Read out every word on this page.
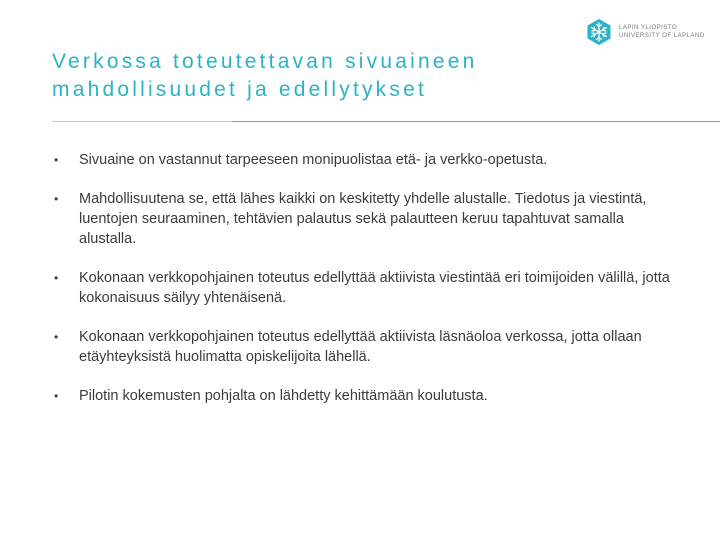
LAPIN YLIOPISTO
UNIVERSITY OF LAPLAND
Verkossa toteutettavan sivuaineen
mahdollisuudet ja edellytykset
• Sivuaine on vastannut tarpeeseen monipuolistaa etä- ja verkko-opetusta.
• Mahdollisuutena se, että lähes kaikki on keskitetty yhdelle alustalle. Tiedotus ja viestintä, luentojen seuraaminen, tehtävien palautus sekä palautteen keruu tapahtuvat samalla alustalla.
• Kokonaan verkkopohjainen toteutus edellyttää aktiivista viestintää eri toimijoiden välillä, jotta kokonaisuus säilyy yhtenäisenä.
• Kokonaan verkkopohjainen toteutus edellyttää aktiivista läsnäoloa verkossa, jotta ollaan etäyhteyksistä huolimatta opiskelijoita lähellä.
• Pilotin kokemusten pohjalta on lähdetty kehittämään koulutusta.
